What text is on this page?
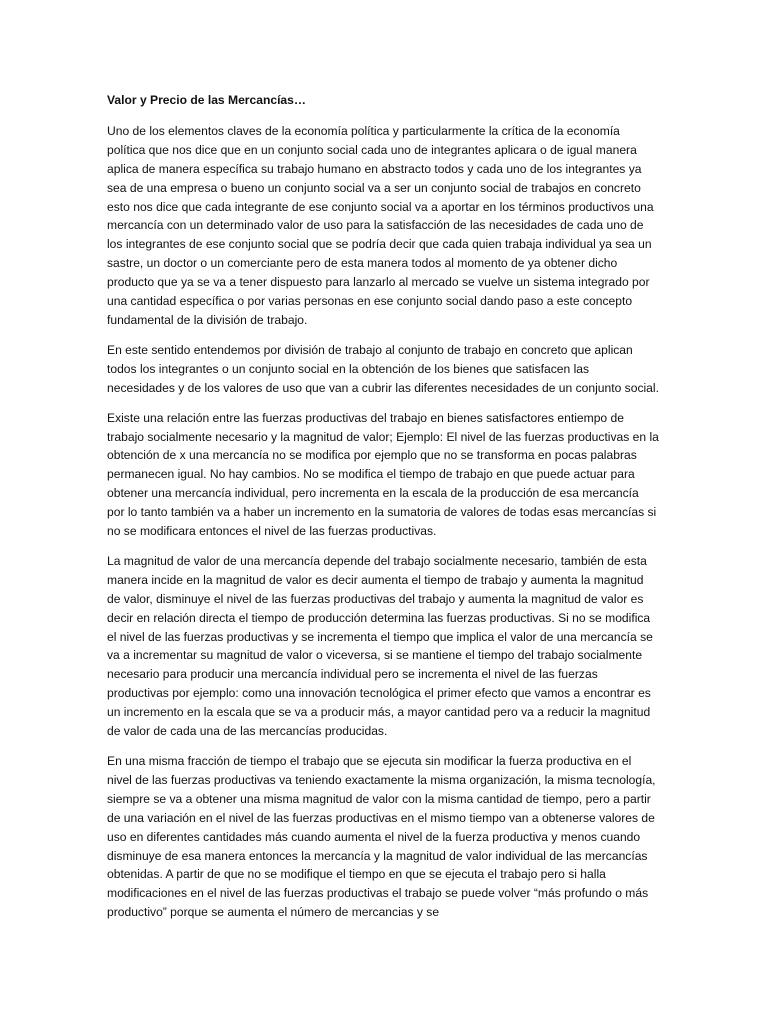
Valor y Precio de las Mercancías…

Uno de los elementos claves de la economía política y particularmente la crítica de la economía política que nos dice que en un conjunto social cada uno de integrantes aplicara o de igual manera aplica de manera específica su trabajo humano en abstracto todos y cada uno de los integrantes ya sea de una empresa o bueno un conjunto social va a ser un conjunto social de trabajos en concreto esto nos dice que cada integrante de ese conjunto social va a aportar en los términos productivos una mercancía con un determinado valor de uso para la satisfacción de las necesidades de cada uno de los integrantes de ese conjunto social que se podría decir que cada quien trabaja individual ya sea un sastre, un doctor o un comerciante pero de esta manera todos al momento de ya obtener dicho producto que ya se va a tener dispuesto para lanzarlo al mercado se vuelve un sistema integrado por una cantidad específica o por varias personas en ese conjunto social dando paso a este concepto fundamental de la división de trabajo.

En este sentido entendemos por división de trabajo al conjunto de trabajo en concreto que aplican todos los integrantes o un conjunto social en la obtención de los bienes que satisfacen las necesidades y de los valores de uso que van a cubrir las diferentes necesidades de un conjunto social.

Existe una relación entre las fuerzas productivas del trabajo en bienes satisfactores entiempo de trabajo socialmente necesario y la magnitud de valor; Ejemplo: El nivel de las fuerzas productivas en la obtención de x una mercancía no se modifica por ejemplo que no se transforma en pocas palabras permanecen igual. No hay cambios. No se modifica el tiempo de trabajo en que puede actuar para obtener una mercancía individual, pero incrementa en la escala de la producción de esa mercancía por lo tanto también va a haber un incremento en la sumatoria de valores de todas esas mercancías si no se modificara entonces el nivel de las fuerzas productivas.

La magnitud de valor de una mercancía depende del trabajo socialmente necesario, también de esta manera incide en la magnitud de valor es decir aumenta el tiempo de trabajo y aumenta la magnitud de valor, disminuye el nivel de las fuerzas productivas del trabajo y aumenta la magnitud de valor es decir en relación directa el tiempo de producción determina las fuerzas productivas. Si no se modifica el nivel de las fuerzas productivas y se incrementa el tiempo que implica el valor de una mercancía se va a incrementar su magnitud de valor o viceversa, si se mantiene el tiempo del trabajo socialmente necesario para producir una mercancía individual pero se incrementa el nivel de las fuerzas productivas por ejemplo: como una innovación tecnológica el primer efecto que vamos a encontrar es un incremento en la escala que se va a producir más, a mayor cantidad pero va a reducir la magnitud de valor de cada una de las mercancías producidas.

En una misma fracción de tiempo el trabajo que se ejecuta sin modificar la fuerza productiva en el nivel de las fuerzas productivas va teniendo exactamente la misma organización, la misma tecnología, siempre se va a obtener una misma magnitud de valor con la misma cantidad de tiempo, pero a partir de una variación en el nivel de las fuerzas productivas en el mismo tiempo van a obtenerse valores de uso en diferentes cantidades más cuando aumenta el nivel de la fuerza productiva y menos cuando disminuye de esa manera entonces la mercancía y la magnitud de valor individual de las mercancías obtenidas. A partir de que no se modifique el tiempo en que se ejecuta el trabajo pero si halla modificaciones en el nivel de las fuerzas productivas el trabajo se puede volver “más profundo o más productivo” porque se aumenta el número de mercancias y se
